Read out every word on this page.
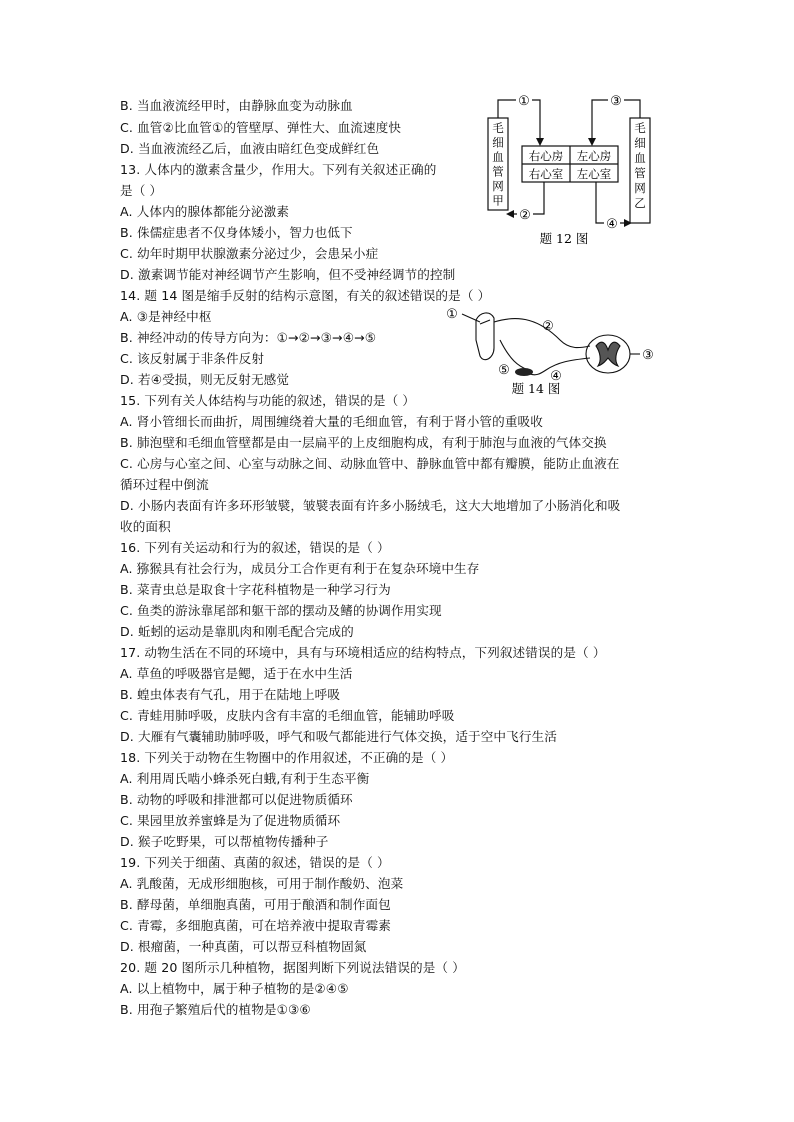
B. 当血液流经甲时，由静脉血变为动脉血
C. 血管②比血管①的管壁厚、弹性大、血流速度快
D. 当血液流经乙后，血液由暗红色变成鲜红色
13. 人体内的激素含量少，作用大。下列有关叙述正确的
是（ ）
A. 人体内的腺体都能分泌激素
B. 侏儒症患者不仅身体矮小，智力也低下
C. 幼年时期甲状腺激素分泌过少，会患呆小症
D. 激素调节能对神经调节产生影响，但不受神经调节的控制
14. 题 14 图是缩手反射的结构示意图，有关的叙述错误的是（ ）
A. ③是神经中枢
B. 神经冲动的传导方向为：①→②→③→④→⑤
C. 该反射属于非条件反射
D. 若④受损，则无反射无感觉
15. 下列有关人体结构与功能的叙述，错误的是（ ）
A. 肾小管细长而曲折，周围缠绕着大量的毛细血管，有利于肾小管的重吸收
B. 肺泡壁和毛细血管壁都是由一层扁平的上皮细胞构成，有利于肺泡与血液的气体交换
C. 心房与心室之间、心室与动脉之间、动脉血管中、静脉血管中都有瓣膜，能防止血液在
循环过程中倒流
D. 小肠内表面有许多环形皱襞，皱襞表面有许多小肠绒毛，这大大地增加了小肠消化和吸
收的面积
16. 下列有关运动和行为的叙述，错误的是（ ）
A. 猕猴具有社会行为，成员分工合作更有利于在复杂环境中生存
B. 菜青虫总是取食十字花科植物是一种学习行为
C. 鱼类的游泳靠尾部和躯干部的摆动及鳍的协调作用实现
D. 蚯蚓的运动是靠肌肉和刚毛配合完成的
17. 动物生活在不同的环境中，具有与环境相适应的结构特点，下列叙述错误的是（ ）
A. 草鱼的呼吸器官是鳃，适于在水中生活
B. 蝗虫体表有气孔，用于在陆地上呼吸
C. 青蛙用肺呼吸，皮肤内含有丰富的毛细血管，能辅助呼吸
D. 大雁有气囊辅助肺呼吸，呼气和吸气都能进行气体交换，适于空中飞行生活
18. 下列关于动物在生物圈中的作用叙述，不正确的是（ ）
A. 利用周氏啮小蜂杀死白蛾,有利于生态平衡
B. 动物的呼吸和排泄都可以促进物质循环
C. 果园里放养蜜蜂是为了促进物质循环
D. 猴子吃野果，可以帮植物传播种子
19. 下列关于细菌、真菌的叙述，错误的是（ ）
A. 乳酸菌，无成形细胞核，可用于制作酸奶、泡菜
B. 酵母菌，单细胞真菌，可用于酿酒和制作面包
C. 青霉，多细胞真菌，可在培养液中提取青霉素
D. 根瘤菌，一种真菌，可以帮豆科植物固氮
20. 题 20 图所示几种植物，据图判断下列说法错误的是（ ）
A. 以上植物中，属于种子植物的是②④⑤
B. 用孢子繁殖后代的植物是①③⑥
①	③
②
④
右心房 左心房
右心室 左心室
毛细血管网甲
毛细血管网乙
题 12 图
①
②
③
④
⑤
题 14 图
